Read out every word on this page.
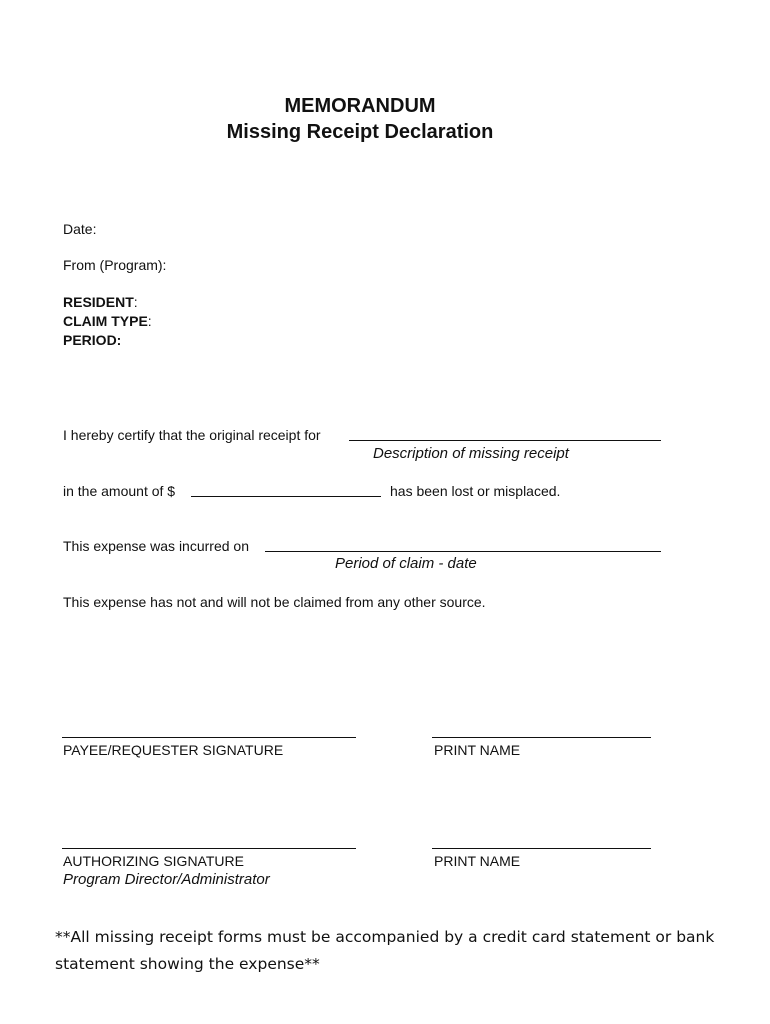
MEMORANDUM
Missing Receipt Declaration
Date:
From (Program):
RESIDENT:
CLAIM TYPE:
PERIOD:
I hereby certify that the original receipt for
Description of missing receipt
in the amount of $	has been lost or misplaced.
This expense was incurred on
Period of claim - date
This expense has not and will not be claimed from any other source.
PAYEE/REQUESTER SIGNATURE	PRINT NAME
AUTHORIZING SIGNATURE	PRINT NAME
Program Director/Administrator
**All missing receipt forms must be accompanied by a credit card statement or bank statement showing the expense**
